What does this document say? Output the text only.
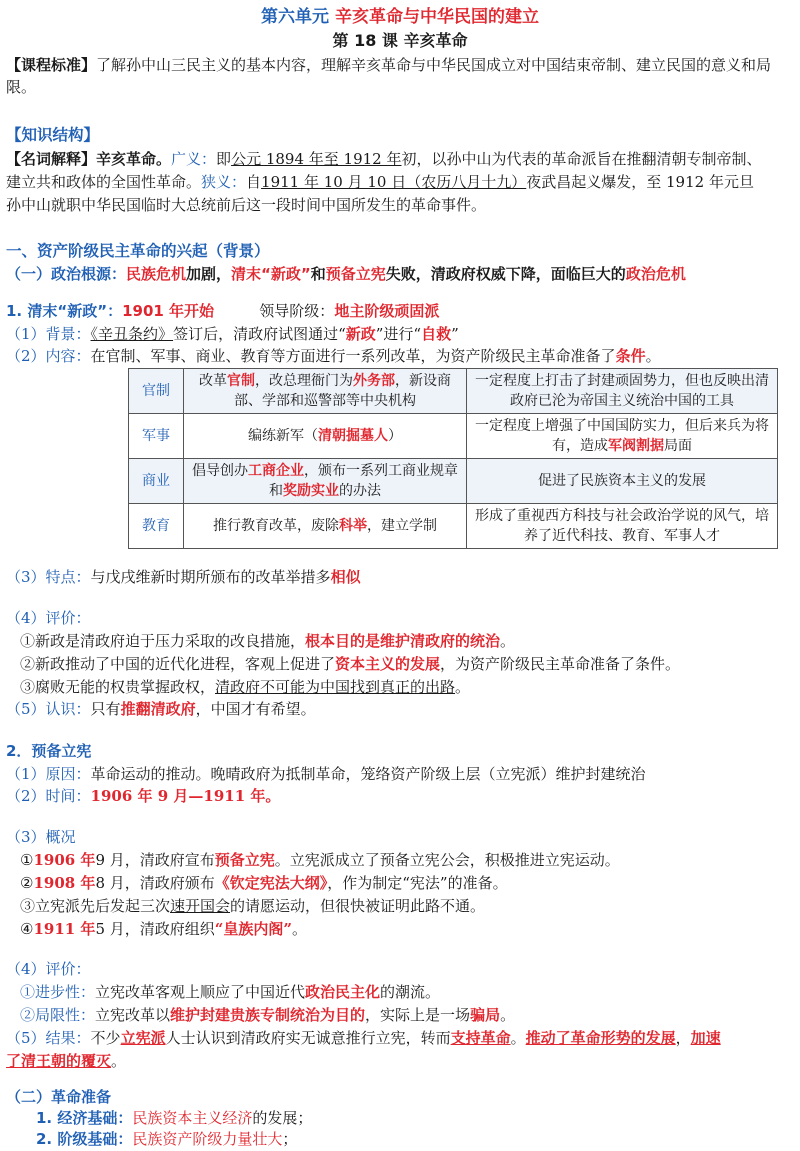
第六单元 辛亥革命与中华民国的建立
第 18 课 辛亥革命
【课程标准】了解孙中山三民主义的基本内容，理解辛亥革命与中华民国成立对中国结束帝制、建立民国的意义和局限。
【知识结构】
【名词解释】辛亥革命。广义：即公元 1894 年至 1912 年初，以孙中山为代表的革命派旨在推翻清朝专制帝制、
建立共和政体的全国性革命。狭义：自1911 年 10 月 10 日（农历八月十九）夜武昌起义爆发，至 1912 年元旦
孙中山就职中华民国临时大总统前后这一段时间中国所发生的革命事件。
一、资产阶级民主革命的兴起（背景）
（一）政治根源：民族危机加剧，清末“新政”和预备立宪失败，清政府权威下降，面临巨大的政治危机
1. 清末“新政”：1901 年开始	领导阶级：地主阶级顽固派
（1）背景：《辛丑条约》签订后，清政府试图通过“新政”进行“自救”
（2）内容：在官制、军事、商业、教育等方面进行一系列改革，为资产阶级民主革命准备了条件。
官制	改革官制，改总理衙门为外务部，新设商部、学部和巡警部等中央机构	一定程度上打击了封建顽固势力，但也反映出清政府已沦为帝国主义统治中国的工具
军事	编练新军（清朝掘墓人）	一定程度上增强了中国国防实力，但后来兵为将有，造成军阀割据局面
商业	倡导创办工商企业，颁布一系列工商业规章和奖励实业的办法	促进了民族资本主义的发展
教育	推行教育改革，废除科举，建立学制	形成了重视西方科技与社会政治学说的风气，培养了近代科技、教育、军事人才
（3）特点：与戊戌维新时期所颁布的改革举措多相似
（4）评价：
①新政是清政府迫于压力采取的改良措施，根本目的是维护清政府的统治。
②新政推动了中国的近代化进程，客观上促进了资本主义的发展，为资产阶级民主革命准备了条件。
③腐败无能的权贵掌握政权，清政府不可能为中国找到真正的出路。
（5）认识：只有推翻清政府，中国才有希望。
2．预备立宪
（1）原因：革命运动的推动。晚晴政府为抵制革命，笼络资产阶级上层（立宪派）维护封建统治
（2）时间：1906 年 9 月—1911 年。
（3）概况
①1906 年9 月，清政府宣布预备立宪。立宪派成立了预备立宪公会，积极推进立宪运动。
②1908 年8 月，清政府颁布《钦定宪法大纲》，作为制定“宪法”的准备。
③立宪派先后发起三次速开国会的请愿运动，但很快被证明此路不通。
④1911 年5 月，清政府组织“皇族内阁”。
（4）评价：
①进步性：立宪改革客观上顺应了中国近代政治民主化的潮流。
②局限性：立宪改革以维护封建贵族专制统治为目的，实际上是一场骗局。
（5）结果：不少立宪派人士认识到清政府实无诚意推行立宪，转而支持革命。推动了革命形势的发展，加速
了清王朝的覆灭。
（二）革命准备
1. 经济基础：民族资本主义经济的发展；
2. 阶级基础：民族资产阶级力量壮大；
